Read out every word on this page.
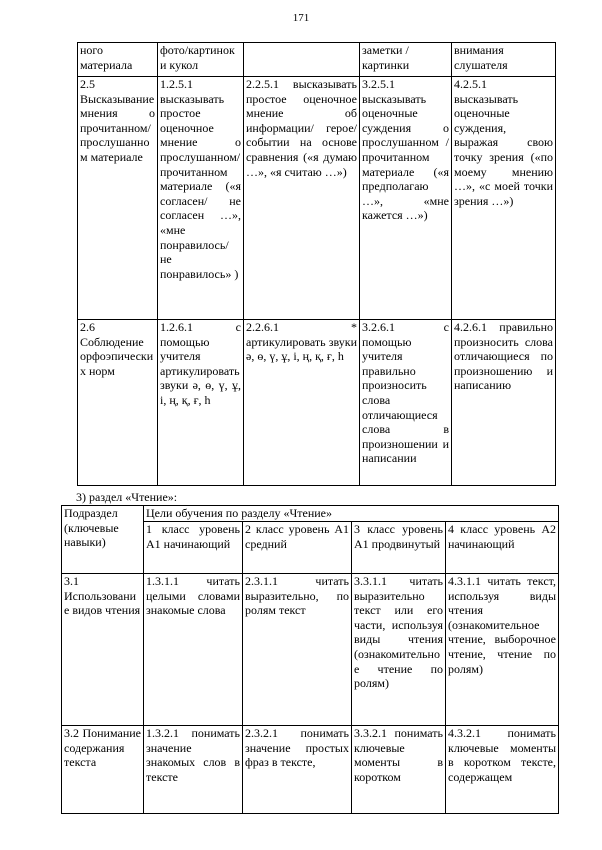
171
ного материала	фото/картинок и кукол		заметки /картинки	внимания слушателя
2.5 Высказывание мнения о прочитанном/прослушанном материале	1.2.5.1 высказывать простое оценочное мнение о прослушанном/прочитанном материале («я согласен/ не согласен …», «мне понравилось/ не понравилось» )	2.2.5.1 высказывать простое оценочное мнение об информации/ герое/событии на основе сравнения («я думаю …», «я считаю …»)	3.2.5.1 высказывать оценочные суждения о прослушанном / прочитанном материале («я предполагаю …», «мне кажется …»)	4.2.5.1 высказывать оценочные суждения, выражая свою точку зрения («по моему мнению …», «с моей точки зрения …»)
2.6 Соблюдение орфоэпических норм	1.2.6.1 с помощью учителя артикулировать звуки ә, ө, ү, ұ, і, ң, қ, ғ, һ	2.2.6.1 * артикулировать звуки ә, ө, ү, ұ, і, ң, қ, ғ, һ	3.2.6.1 с помощью учителя правильно произносить слова отличающиеся слова в произношении и написании	4.2.6.1 правильно произносить слова отличающиеся по произношению и написанию
3) раздел «Чтение»:
Подраздел (ключевые навыки)	Цели обучения по разделу «Чтение»			
	1 класс уровень А1 начинающий	2 класс уровень А1 средний	3 класс уровень А1 продвинутый	4 класс уровень А2 начинающий
3.1 Использование видов чтения	1.3.1.1 читать целыми словами знакомые слова	2.3.1.1 читать выразительно, по ролям текст	3.3.1.1 читать выразительно текст или его части, используя виды чтения (ознакомительное чтение по ролям)	4.3.1.1 читать текст, используя виды чтения (ознакомительное чтение, выборочное чтение, чтение по ролям)
3.2 Понимание содержания текста	1.3.2.1 понимать значение знакомых слов в тексте	2.3.2.1 понимать значение простых фраз в тексте,	3.3.2.1 понимать ключевые моменты в коротком	4.3.2.1 понимать ключевые моменты в коротком тексте, содержащем
